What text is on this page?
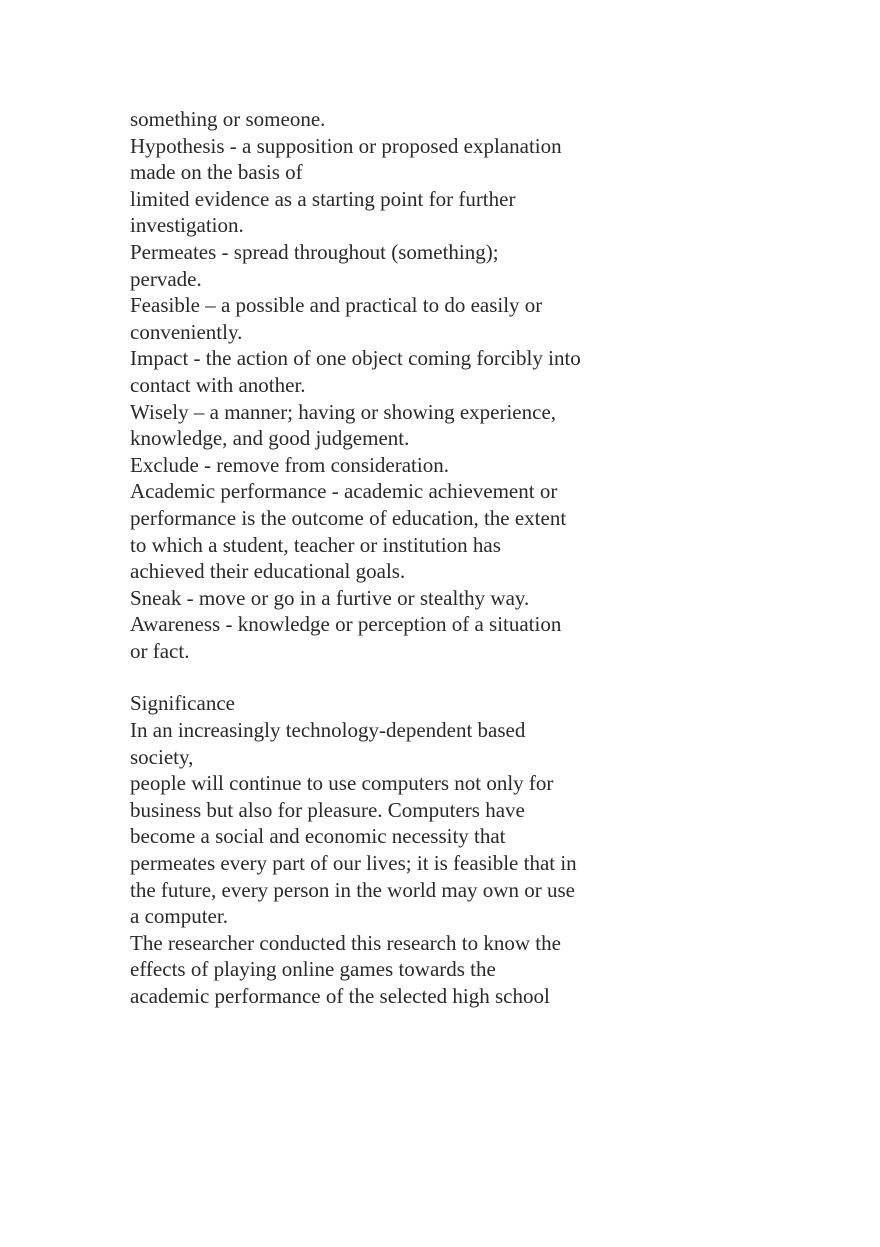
something or someone.
Hypothesis - a supposition or proposed explanation
made on the basis of
limited evidence as a starting point for further
investigation.
Permeates - spread throughout (something);
pervade.
Feasible – a possible and practical to do easily or
conveniently.
Impact - the action of one object coming forcibly into
contact with another.
Wisely – a manner; having or showing experience,
knowledge, and good judgement.
Exclude - remove from consideration.
Academic performance - academic achievement or
performance is the outcome of education, the extent
to which a student, teacher or institution has
achieved their educational goals.
Sneak - move or go in a furtive or stealthy way.
Awareness - knowledge or perception of a situation
or fact.
Significance
In an increasingly technology-dependent based
society,
people will continue to use computers not only for
business but also for pleasure. Computers have
become a social and economic necessity that
permeates every part of our lives; it is feasible that in
the future, every person in the world may own or use
a computer.
The researcher conducted this research to know the
effects of playing online games towards the
academic performance of the selected high school
